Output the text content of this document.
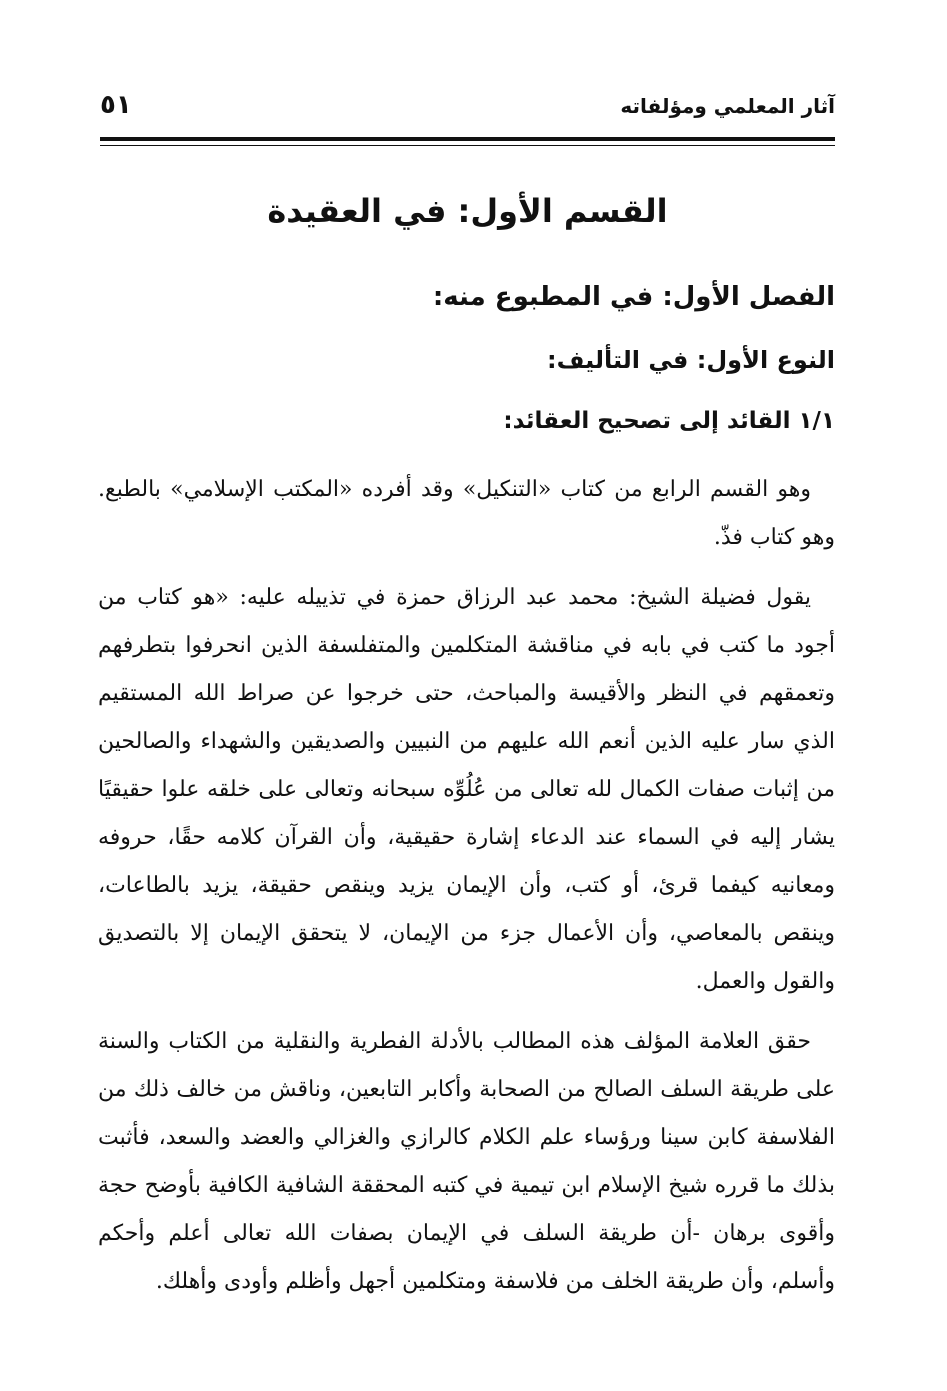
آثار المعلمي ومؤلفاته
٥١
القسم الأول: في العقيدة
الفصل الأول: في المطبوع منه:
النوع الأول: في التأليف:
١/١ القائد إلى تصحيح العقائد:

وهو القسم الرابع من كتاب «التنكيل» وقد أفرده «المكتب الإسلامي» بالطبع. وهو كتاب فذّ.

يقول فضيلة الشيخ: محمد عبد الرزاق حمزة في تذييله عليه: «هو كتاب من أجود ما كتب في بابه في مناقشة المتكلمين والمتفلسفة الذين انحرفوا بتطرفهم وتعمقهم في النظر والأقيسة والمباحث، حتى خرجوا عن صراط الله المستقيم الذي سار عليه الذين أنعم الله عليهم من النبيين والصديقين والشهداء والصالحين من إثبات صفات الكمال لله تعالى من عُلُوِّه سبحانه وتعالى على خلقه علوا حقيقيًا يشار إليه في السماء عند الدعاء إشارة حقيقية، وأن القرآن كلامه حقًا، حروفه ومعانيه كيفما قرئ، أو كتب، وأن الإيمان يزيد وينقص حقيقة، يزيد بالطاعات، وينقص بالمعاصي، وأن الأعمال جزء من الإيمان، لا يتحقق الإيمان إلا بالتصديق والقول والعمل.

حقق العلامة المؤلف هذه المطالب بالأدلة الفطرية والنقلية من الكتاب والسنة على طريقة السلف الصالح من الصحابة وأكابر التابعين، وناقش من خالف ذلك من الفلاسفة كابن سينا ورؤساء علم الكلام كالرازي والغزالي والعضد والسعد، فأثبت بذلك ما قرره شيخ الإسلام ابن تيمية في كتبه المحققة الشافية الكافية بأوضح حجة وأقوى برهان -أن طريقة السلف في الإيمان بصفات الله تعالى أعلم وأحكم وأسلم، وأن طريقة الخلف من فلاسفة ومتكلمين أجهل وأظلم وأودى وأهلك.
